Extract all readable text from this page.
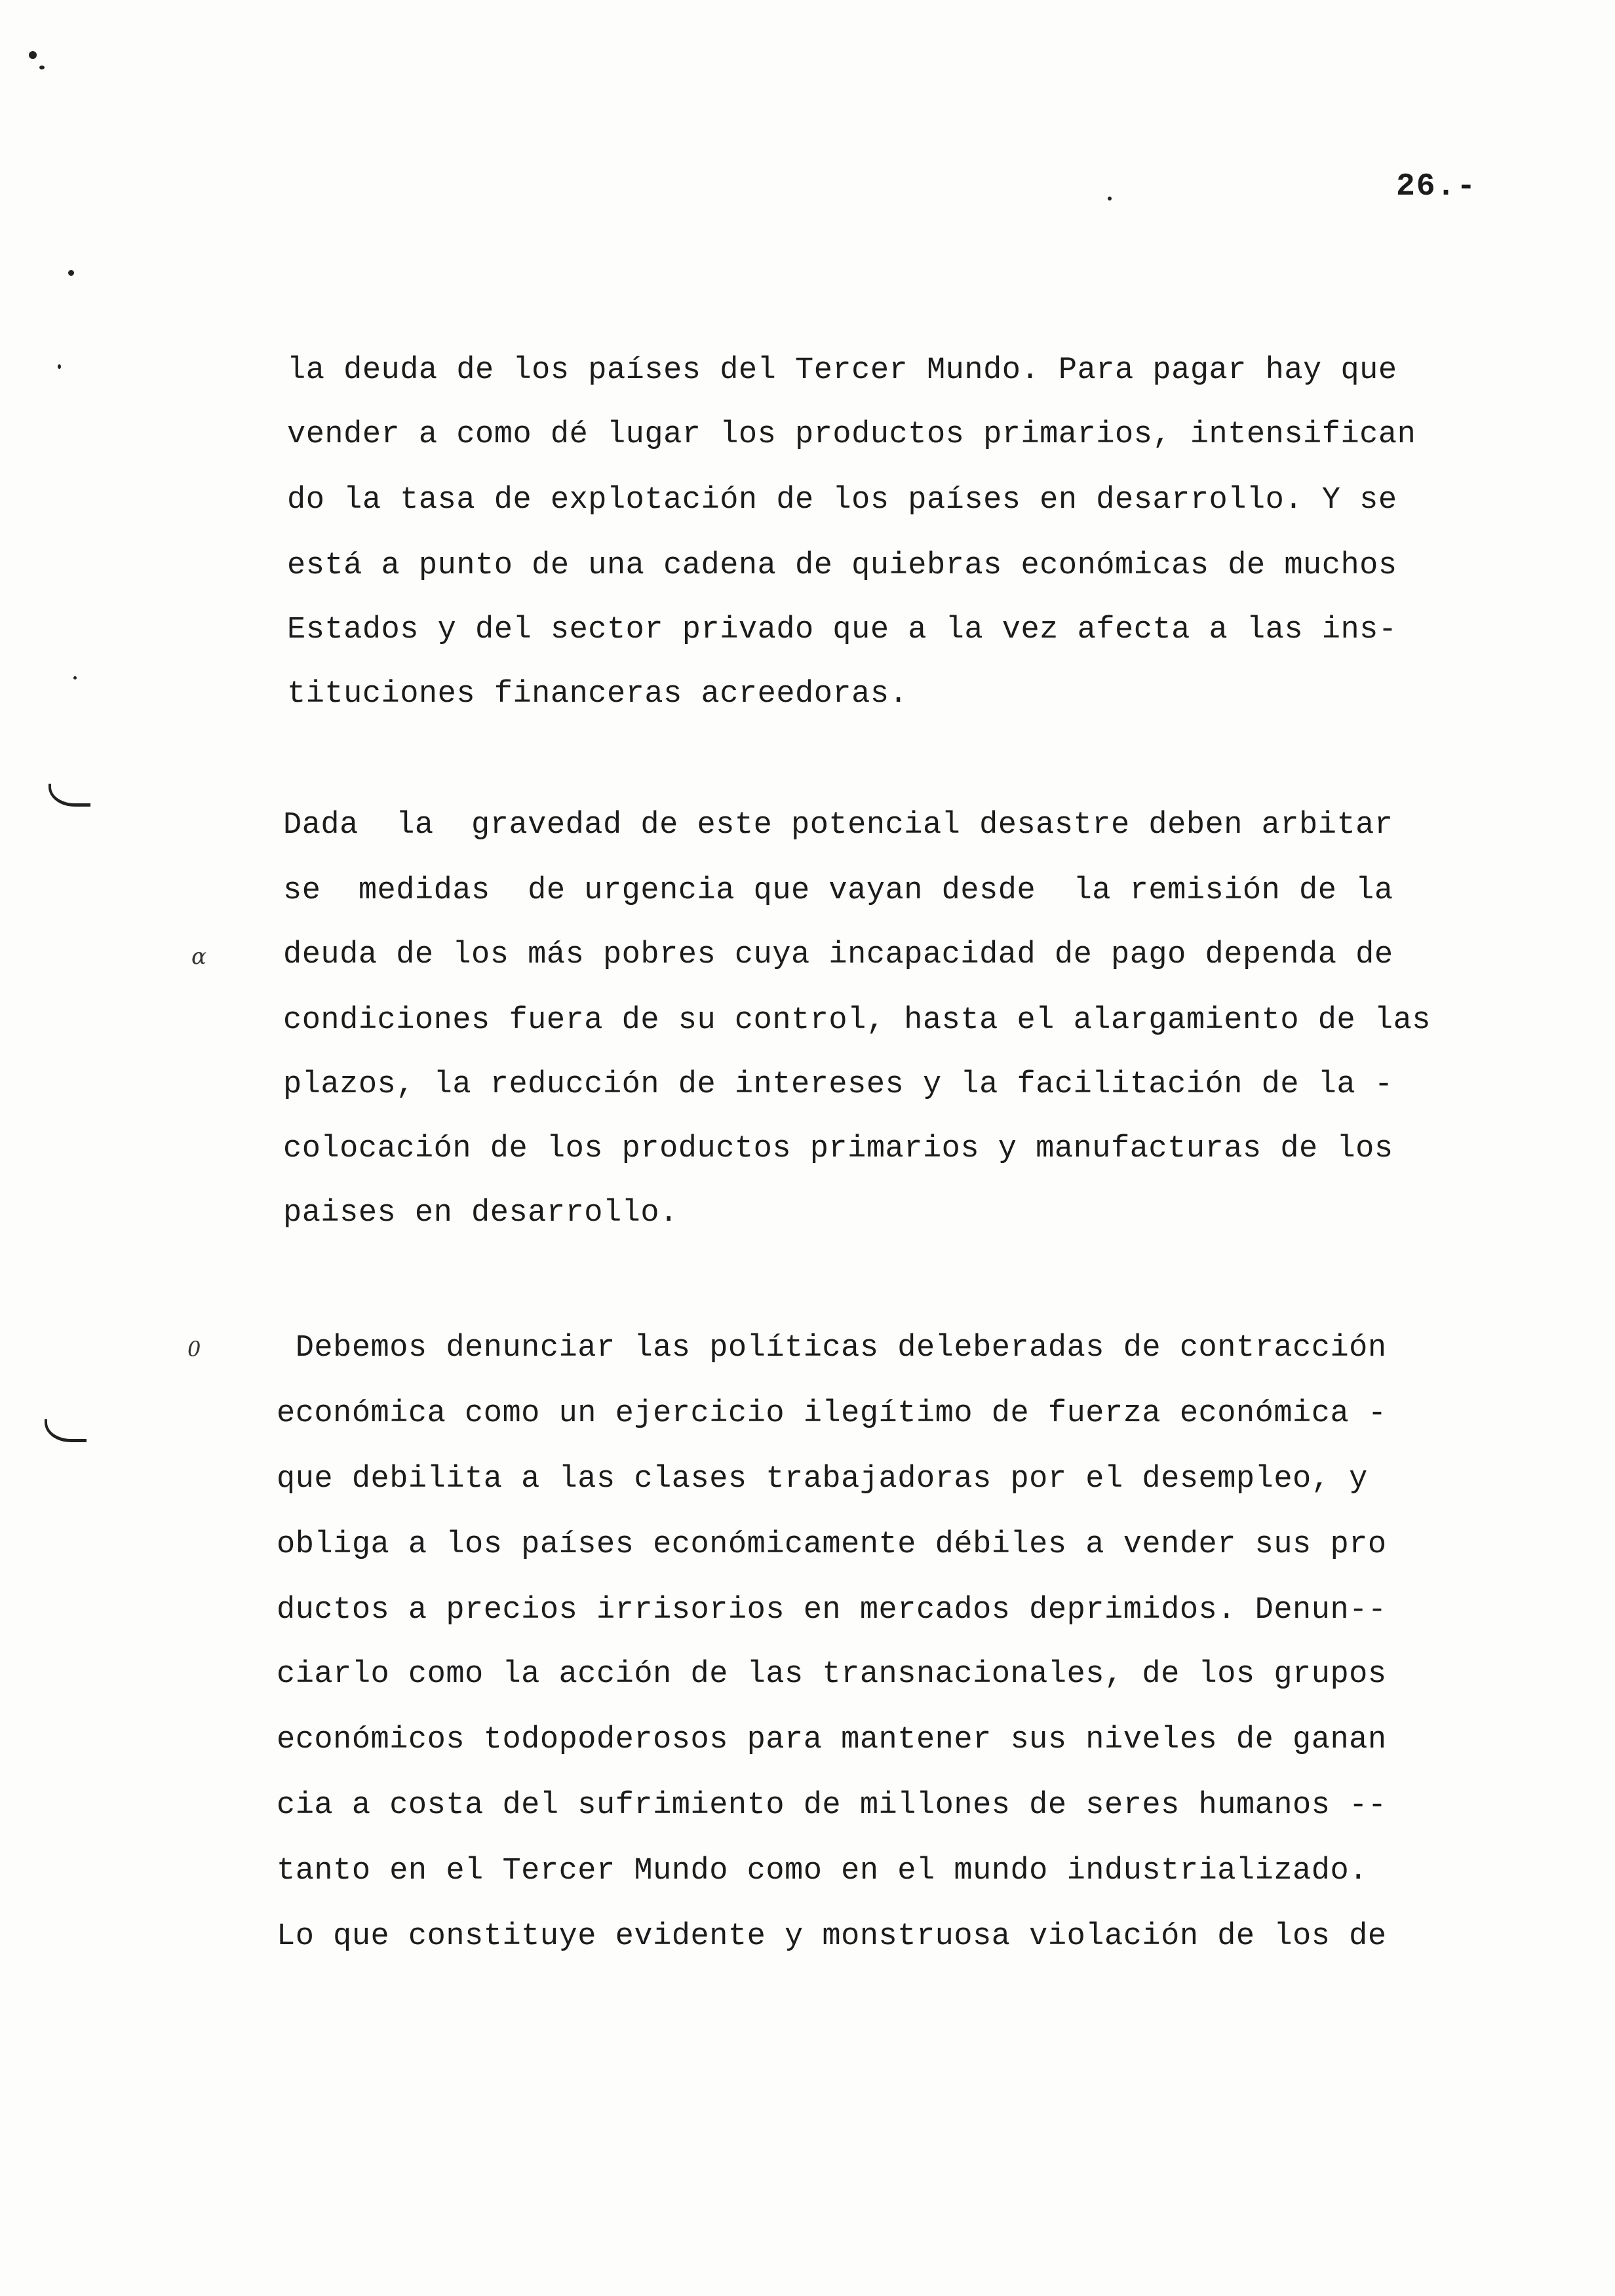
26.-
α
0
la deuda de los países del Tercer Mundo. Para pagar hay que
vender a como dé lugar los productos primarios, intensifican
do la tasa de explotación de los países en desarrollo. Y se
está a punto de una cadena de quiebras económicas de muchos
Estados y del sector privado que a la vez afecta a las ins-
tituciones financeras acreedoras.
Dada  la  gravedad de este potencial desastre deben arbitar
se  medidas  de urgencia que vayan desde  la remisión de la
deuda de los más pobres cuya incapacidad de pago dependa de
condiciones fuera de su control, hasta el alargamiento de las
plazos, la reducción de intereses y la facilitación de la -
colocación de los productos primarios y manufacturas de los
paises en desarrollo.
Debemos denunciar las políticas deleberadas de contracción
económica como un ejercicio ilegítimo de fuerza económica -
que debilita a las clases trabajadoras por el desempleo, y
obliga a los países económicamente débiles a vender sus pro
ductos a precios irrisorios en mercados deprimidos. Denun--
ciarlo como la acción de las transnacionales, de los grupos
económicos todopoderosos para mantener sus niveles de ganan
cia a costa del sufrimiento de millones de seres humanos --
tanto en el Tercer Mundo como en el mundo industrializado.
Lo que constituye evidente y monstruosa violación de los de
